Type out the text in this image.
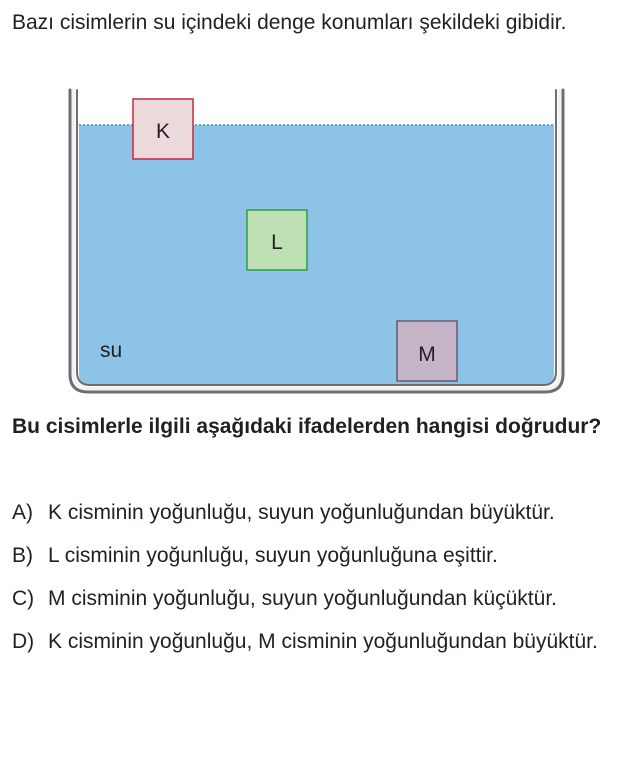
Bazı cisimlerin su içindeki denge konumları şekildeki gibidir.

K
L
M
su

Bu cisimlerle ilgili aşağıdaki ifadelerden hangisi doğrudur?

A) K cisminin yoğunluğu, suyun yoğunluğundan büyüktür.
B) L cisminin yoğunluğu, suyun yoğunluğuna eşittir.
C) M cisminin yoğunluğu, suyun yoğunluğundan küçüktür.
D) K cisminin yoğunluğu, M cisminin yoğunluğundan büyüktür.
